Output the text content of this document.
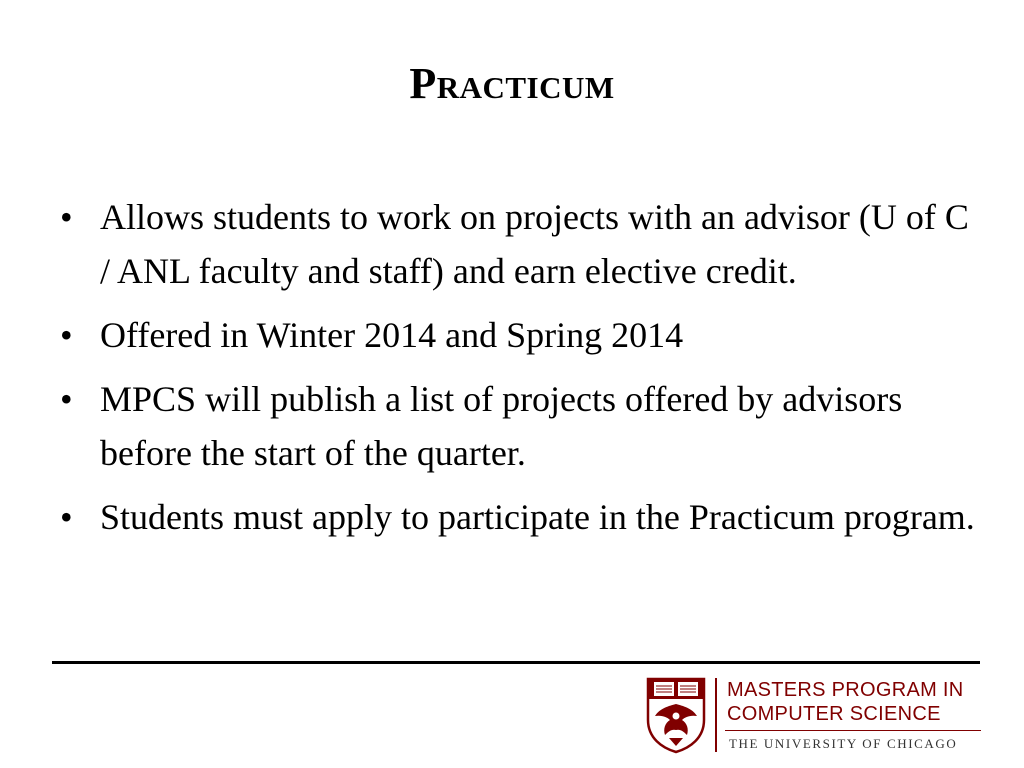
Practicum
• Allows students to work on projects with an advisor (U of C / ANL faculty and staff) and earn elective credit.
• Offered in Winter 2014 and Spring 2014
• MPCS will publish a list of projects offered by advisors before the start of the quarter.
• Students must apply to participate in the Practicum program.
MASTERS PROGRAM IN
COMPUTER SCIENCE
THE UNIVERSITY OF CHICAGO
